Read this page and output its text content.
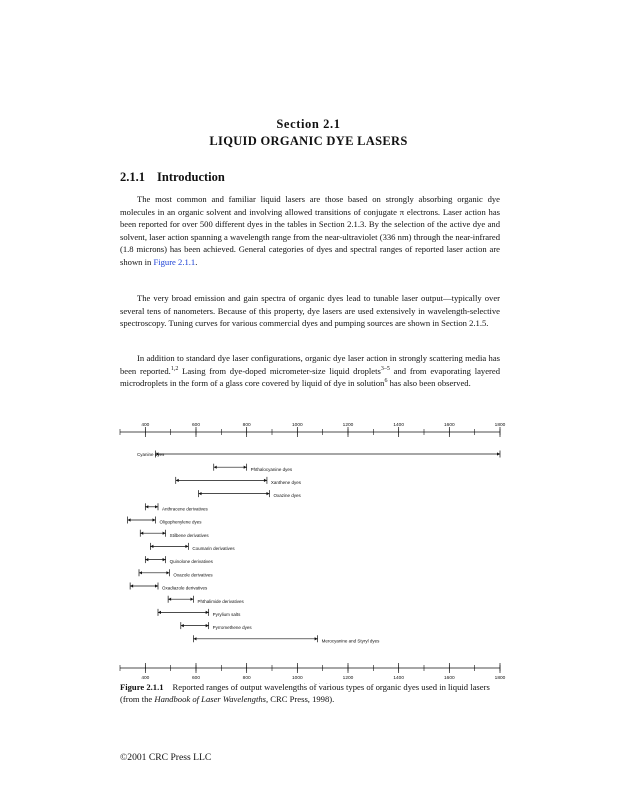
Section 2.1
LIQUID ORGANIC DYE LASERS
2.1.1 Introduction

The most common and familiar liquid lasers are those based on strongly absorbing organic dye molecules in an organic solvent and involving allowed transitions of conjugate π electrons. Laser action has been reported for over 500 different dyes in the tables in Section 2.1.3. By the selection of the active dye and solvent, laser action spanning a wavelength range from the near-ultraviolet (336 nm) through the near-infrared (1.8 microns) has been achieved. General categories of dyes and spectral ranges of reported laser action are shown in Figure 2.1.1.

The very broad emission and gain spectra of organic dyes lead to tunable laser output—typically over several tens of nanometers. Because of this property, dye lasers are used extensively in wavelength-selective spectroscopy. Tuning curves for various commercial dyes and pumping sources are shown in Section 2.1.5.

In addition to standard dye laser configurations, organic dye laser action in strongly scattering media has been reported.$^{1,2}$ Lasing from dye-doped micrometer-size liquid droplets$^{3-5}$ and from evaporating layered microdroplets in the form of a glass core covered by liquid of dye in solution$^6$ has also been observed.

400
400
600
600
800
800
1000
1000
1200
1200
1400
1400
1600
1600
1800
1800
Cyanine dyes
Phthalocyanine dyes
Xanthene dyes
Oxazine dyes
Anthracene derivatives
Oligophenylene dyes
Stilbene derivatives
Coumarin derivatives
Quinolone derivatives
Oxazole derivatives
Oxadiazole derivatives
Phthalimide derivatives
Pyrylium salts
Pyrromethene dyes
Merocyanine and Styryl dyes

Figure 2.1.1 Reported ranges of output wavelengths of various types of organic dyes used in liquid lasers (from the Handbook of Laser Wavelengths, CRC Press, 1998).

©2001 CRC Press LLC
